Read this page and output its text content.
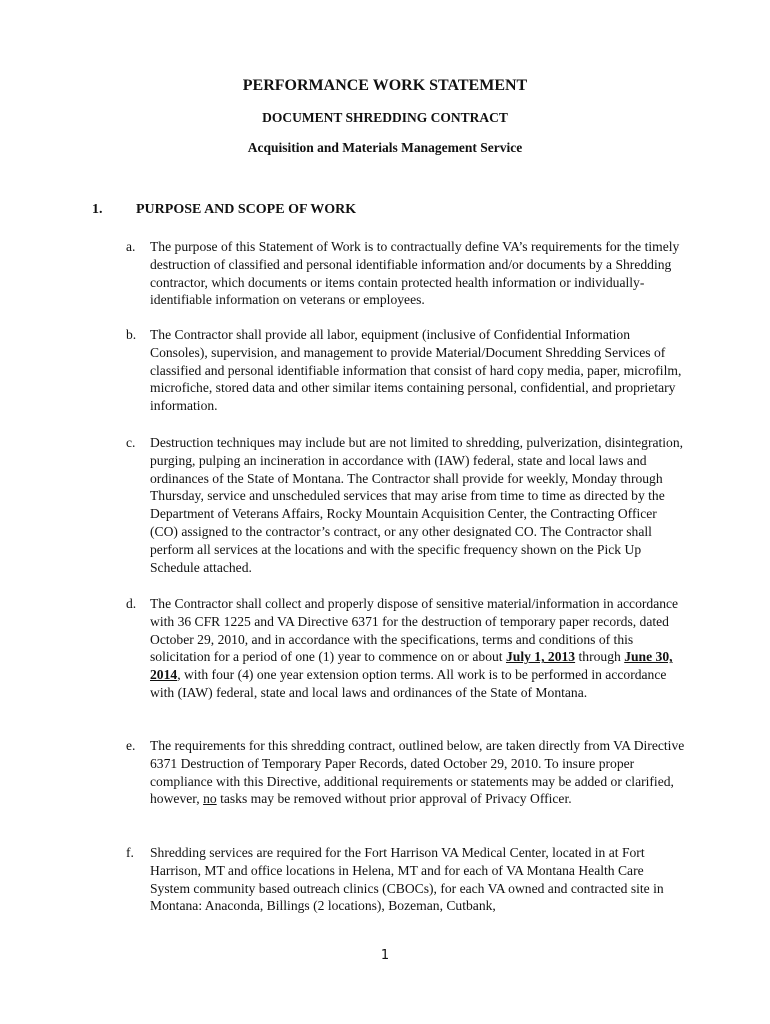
PERFORMANCE WORK STATEMENT
DOCUMENT SHREDDING CONTRACT
Acquisition and Materials Management Service
1. PURPOSE AND SCOPE OF WORK
a. The purpose of this Statement of Work is to contractually define VA’s requirements for the timely destruction of classified and personal identifiable information and/or documents by a Shredding contractor, which documents or items contain protected health information or individually-identifiable information on veterans or employees.
b. The Contractor shall provide all labor, equipment (inclusive of Confidential Information Consoles), supervision, and management to provide Material/Document Shredding Services of classified and personal identifiable information that consist of hard copy media, paper, microfilm, microfiche, stored data and other similar items containing personal, confidential, and proprietary information.
c. Destruction techniques may include but are not limited to shredding, pulverization, disintegration, purging, pulping an incineration in accordance with (IAW) federal, state and local laws and ordinances of the State of Montana. The Contractor shall provide for weekly, Monday through Thursday, service and unscheduled services that may arise from time to time as directed by the Department of Veterans Affairs, Rocky Mountain Acquisition Center, the Contracting Officer (CO) assigned to the contractor’s contract, or any other designated CO. The Contractor shall perform all services at the locations and with the specific frequency shown on the Pick Up Schedule attached.
d. The Contractor shall collect and properly dispose of sensitive material/information in accordance with 36 CFR 1225 and VA Directive 6371 for the destruction of temporary paper records, dated October 29, 2010, and in accordance with the specifications, terms and conditions of this solicitation for a period of one (1) year to commence on or about July 1, 2013 through June 30, 2014, with four (4) one year extension option terms. All work is to be performed in accordance with (IAW) federal, state and local laws and ordinances of the State of Montana.
e. The requirements for this shredding contract, outlined below, are taken directly from VA Directive 6371 Destruction of Temporary Paper Records, dated October 29, 2010. To insure proper compliance with this Directive, additional requirements or statements may be added or clarified, however, no tasks may be removed without prior approval of Privacy Officer.
f. Shredding services are required for the Fort Harrison VA Medical Center, located in at Fort Harrison, MT and office locations in Helena, MT and for each of VA Montana Health Care System community based outreach clinics (CBOCs), for each VA owned and contracted site in Montana: Anaconda, Billings (2 locations), Bozeman, Cutbank,
1
